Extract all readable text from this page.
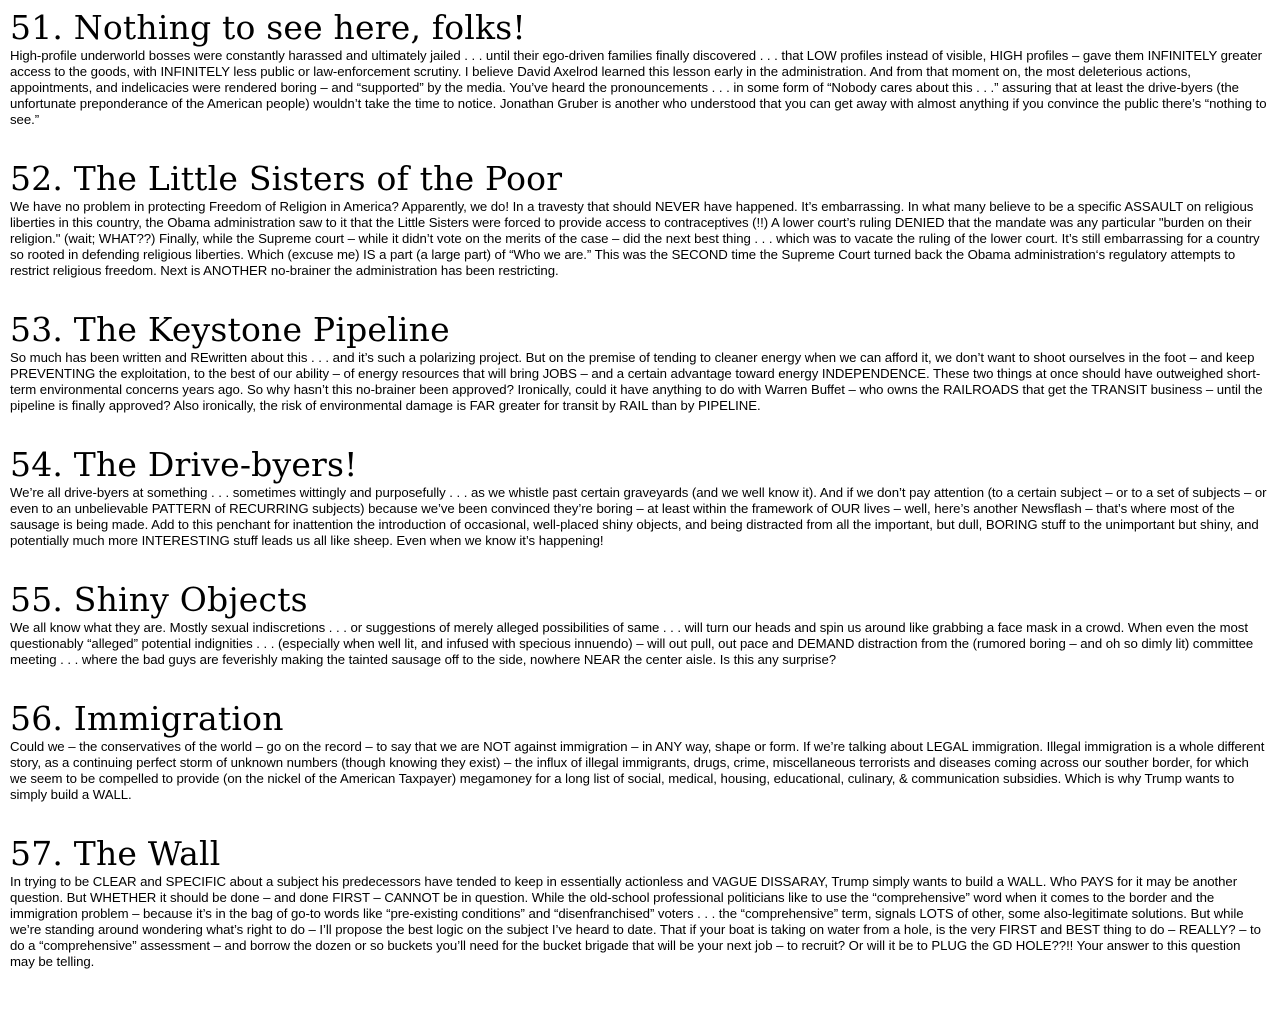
51. Nothing to see here, folks!

High-profile underworld bosses were constantly harassed and ultimately jailed . . . until their ego-driven families finally discovered . . . that LOW profiles instead of visible, HIGH profiles – gave them INFINITELY greater access to the goods, with INFINITELY less public or law-enforcement scrutiny. I believe David Axelrod learned this lesson early in the administration. And from that moment on, the most deleterious actions, appointments, and indelicacies were rendered boring – and “supported” by the media. You’ve heard the pronouncements . . . in some form of “Nobody cares about this . . .” assuring that at least the drive-byers (the unfortunate preponderance of the American people) wouldn’t take the time to notice. Jonathan Gruber is another who understood that you can get away with almost anything if you convince the public there’s “nothing to see.”

52. The Little Sisters of the Poor

We have no problem in protecting Freedom of Religion in America? Apparently, we do! In a travesty that should NEVER have happened. It’s embarrassing. In what many believe to be a specific ASSAULT on religious liberties in this country, the Obama administration saw to it that the Little Sisters were forced to provide access to contraceptives (!!) A lower court’s ruling DENIED that the mandate was any particular "burden on their religion." (wait; WHAT??) Finally, while the Supreme court – while it didn’t vote on the merits of the case – did the next best thing . . . which was to vacate the ruling of the lower court. It’s still embarrassing for a country so rooted in defending religious liberties. Which (excuse me) IS a part (a large part) of “Who we are.” This was the SECOND time the Supreme Court turned back the Obama administration‘s regulatory attempts to restrict religious freedom. Next is ANOTHER no-brainer the administration has been restricting.

53. The Keystone Pipeline

So much has been written and REwritten about this . . . and it’s such a polarizing project. But on the premise of tending to cleaner energy when we can afford it, we don’t want to shoot ourselves in the foot – and keep PREVENTING the exploitation, to the best of our ability – of energy resources that will bring JOBS – and a certain advantage toward energy INDEPENDENCE. These two things at once should have outweighed short-term environmental concerns years ago. So why hasn’t this no-brainer been approved? Ironically, could it have anything to do with Warren Buffet – who owns the RAILROADS that get the TRANSIT business – until the pipeline is finally approved? Also ironically, the risk of environmental damage is FAR greater for transit by RAIL than by PIPELINE.

54. The Drive-byers!

We’re all drive-byers at something . . . sometimes wittingly and purposefully . . . as we whistle past certain graveyards (and we well know it). And if we don’t pay attention (to a certain subject – or to a set of subjects – or even to an unbelievable PATTERN of RECURRING subjects) because we’ve been convinced they’re boring – at least within the framework of OUR lives – well, here’s another Newsflash – that’s where most of the sausage is being made. Add to this penchant for inattention the introduction of occasional, well-placed shiny objects, and being distracted from all the important, but dull, BORING stuff to the unimportant but shiny, and potentially much more INTERESTING stuff leads us all like sheep. Even when we know it’s happening!

55. Shiny Objects

We all know what they are. Mostly sexual indiscretions . . . or suggestions of merely alleged possibilities of same . . . will turn our heads and spin us around like grabbing a face mask in a crowd. When even the most questionably “alleged” potential indignities . . . (especially when well lit, and infused with specious innuendo) – will out pull, out pace and DEMAND distraction from the (rumored boring – and oh so dimly lit) committee meeting . . . where the bad guys are feverishly making the tainted sausage off to the side, nowhere NEAR the center aisle. Is this any surprise?

56. Immigration

Could we – the conservatives of the world – go on the record – to say that we are NOT against immigration – in ANY way, shape or form. If we’re talking about LEGAL immigration. Illegal immigration is a whole different story, as a continuing perfect storm of unknown numbers (though knowing they exist) – the influx of illegal immigrants, drugs, crime, miscellaneous terrorists and diseases coming across our souther border, for which we seem to be compelled to provide (on the nickel of the American Taxpayer) megamoney for a long list of social, medical, housing, educational, culinary, & communication subsidies. Which is why Trump wants to simply build a WALL.

57. The Wall

In trying to be CLEAR and SPECIFIC about a subject his predecessors have tended to keep in essentially actionless and VAGUE DISSARAY, Trump simply wants to build a WALL. Who PAYS for it may be another question. But WHETHER it should be done – and done FIRST – CANNOT be in question. While the old-school professional politicians like to use the “comprehensive” word when it comes to the border and the immigration problem – because it’s in the bag of go-to words like “pre-existing conditions” and “disenfranchised” voters . . . the “comprehensive” term, signals LOTS of other, some also-legitimate solutions. But while we’re standing around wondering what’s right to do – I’ll propose the best logic on the subject I’ve heard to date. That if your boat is taking on water from a hole, is the very FIRST and BEST thing to do – REALLY? – to do a “comprehensive” assessment – and borrow the dozen or so buckets you’ll need for the bucket brigade that will be your next job – to recruit? Or will it be to PLUG the GD HOLE??!! Your answer to this question may be telling.
